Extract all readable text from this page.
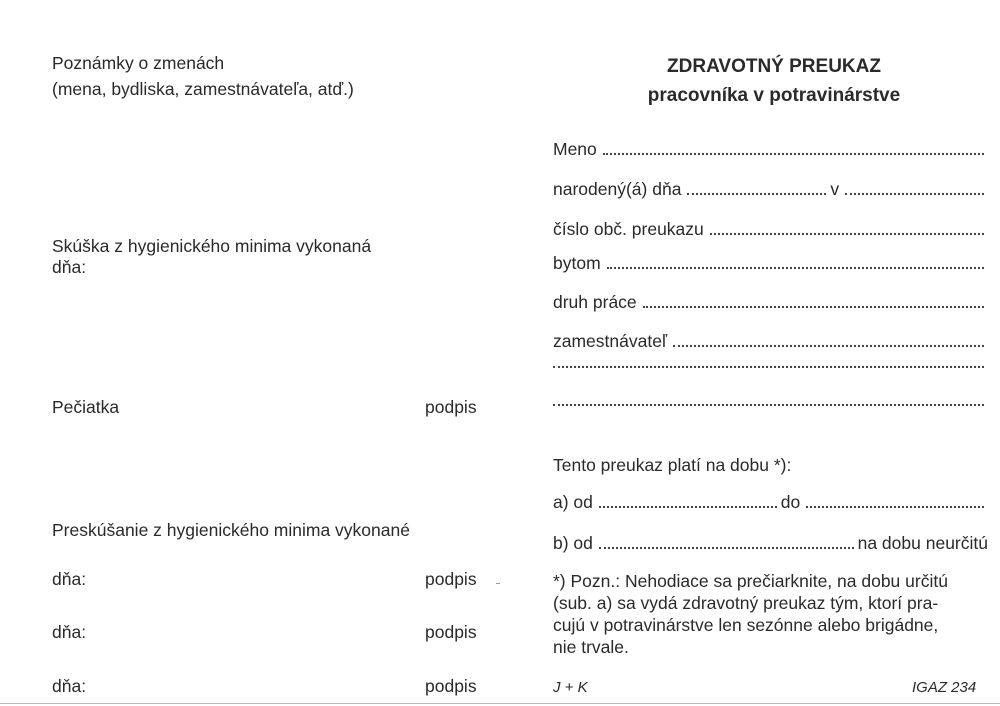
Poznámky o zmenách
(mena, bydliska, zamestnávateľa, atď.)
Skúška z hygienického minima vykonaná
dňa:
Pečiatka	podpis
Preskúšanie z hygienického minima vykonané
dňa:	podpis
dňa:	podpis
dňa:	podpis
ZDRAVOTNÝ PREUKAZ
pracovníka v potravinárstve
Meno
narodený(á) dňa	v
číslo obč. preukazu
bytom
druh práce
zamestnávateľ
Tento preukaz platí na dobu *):
a) od	do
b) od	na dobu neurčitú
*) Pozn.: Nehodiace sa prečiarknite, na dobu určitú
(sub. a) sa vydá zdravotný preukaz tým, ktorí pra-
cujú v potravinárstve len sezónne alebo brigádne,
nie trvale.
J + K	IGAZ 234
